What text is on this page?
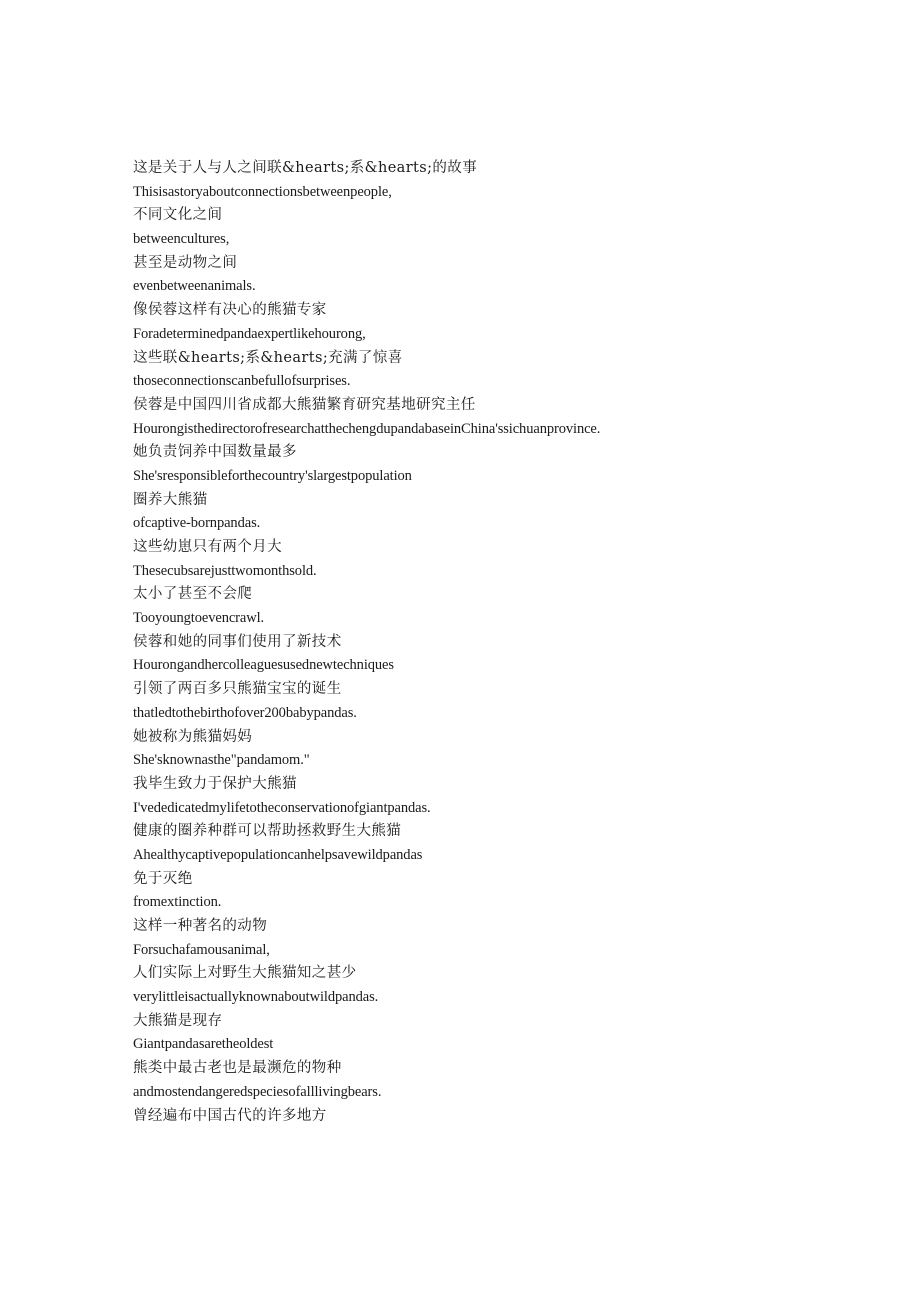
这是关于人与人之间联&hearts;系&hearts;的故事
Thisisastoryaboutconnectionsbetweenpeople,
不同文化之间
betweencultures,
甚至是动物之间
evenbetweenanimals.
像侯蓉这样有决心的熊猫专家
Foradeterminedpandaexpertlikehourong,
这些联&hearts;系&hearts;充满了惊喜
thoseconnectionscanbefullofsurprises.
侯蓉是中国四川省成都大熊猫繁育研究基地研究主任
HourongisthedirectorofresearchatthechengdupandabaseinChina'ssichuanprovince.
她负责饲养中国数量最多
She'sresponsibleforthecountry'slargestpopulation
圈养大熊猫
ofcaptive-bornpandas.
这些幼崽只有两个月大
Thesecubsarejusttwomonthsold.
太小了甚至不会爬
Tooyoungtoevencrawl.
侯蓉和她的同事们使用了新技术
Hourongandhercolleaguesusednewtechniques
引领了两百多只熊猫宝宝的诞生
thatledtothebirthofover200babypandas.
她被称为熊猫妈妈
She'sknownasthe"pandamom."
我毕生致力于保护大熊猫
I'vededicatedmylifetotheconservationofgiantpandas.
健康的圈养种群可以帮助拯救野生大熊猫
Ahealthycaptivepopulationcanhelpsavewildpandas
免于灭绝
fromextinction.
这样一种著名的动物
Forsuchafamousanimal,
人们实际上对野生大熊猫知之甚少
verylittleisactuallyknownaboutwildpandas.
大熊猫是现存
Giantpandasaretheoldest
熊类中最古老也是最濒危的物种
andmostendangeredspeciesofalllivingbears.
曾经遍布中国古代的许多地方
